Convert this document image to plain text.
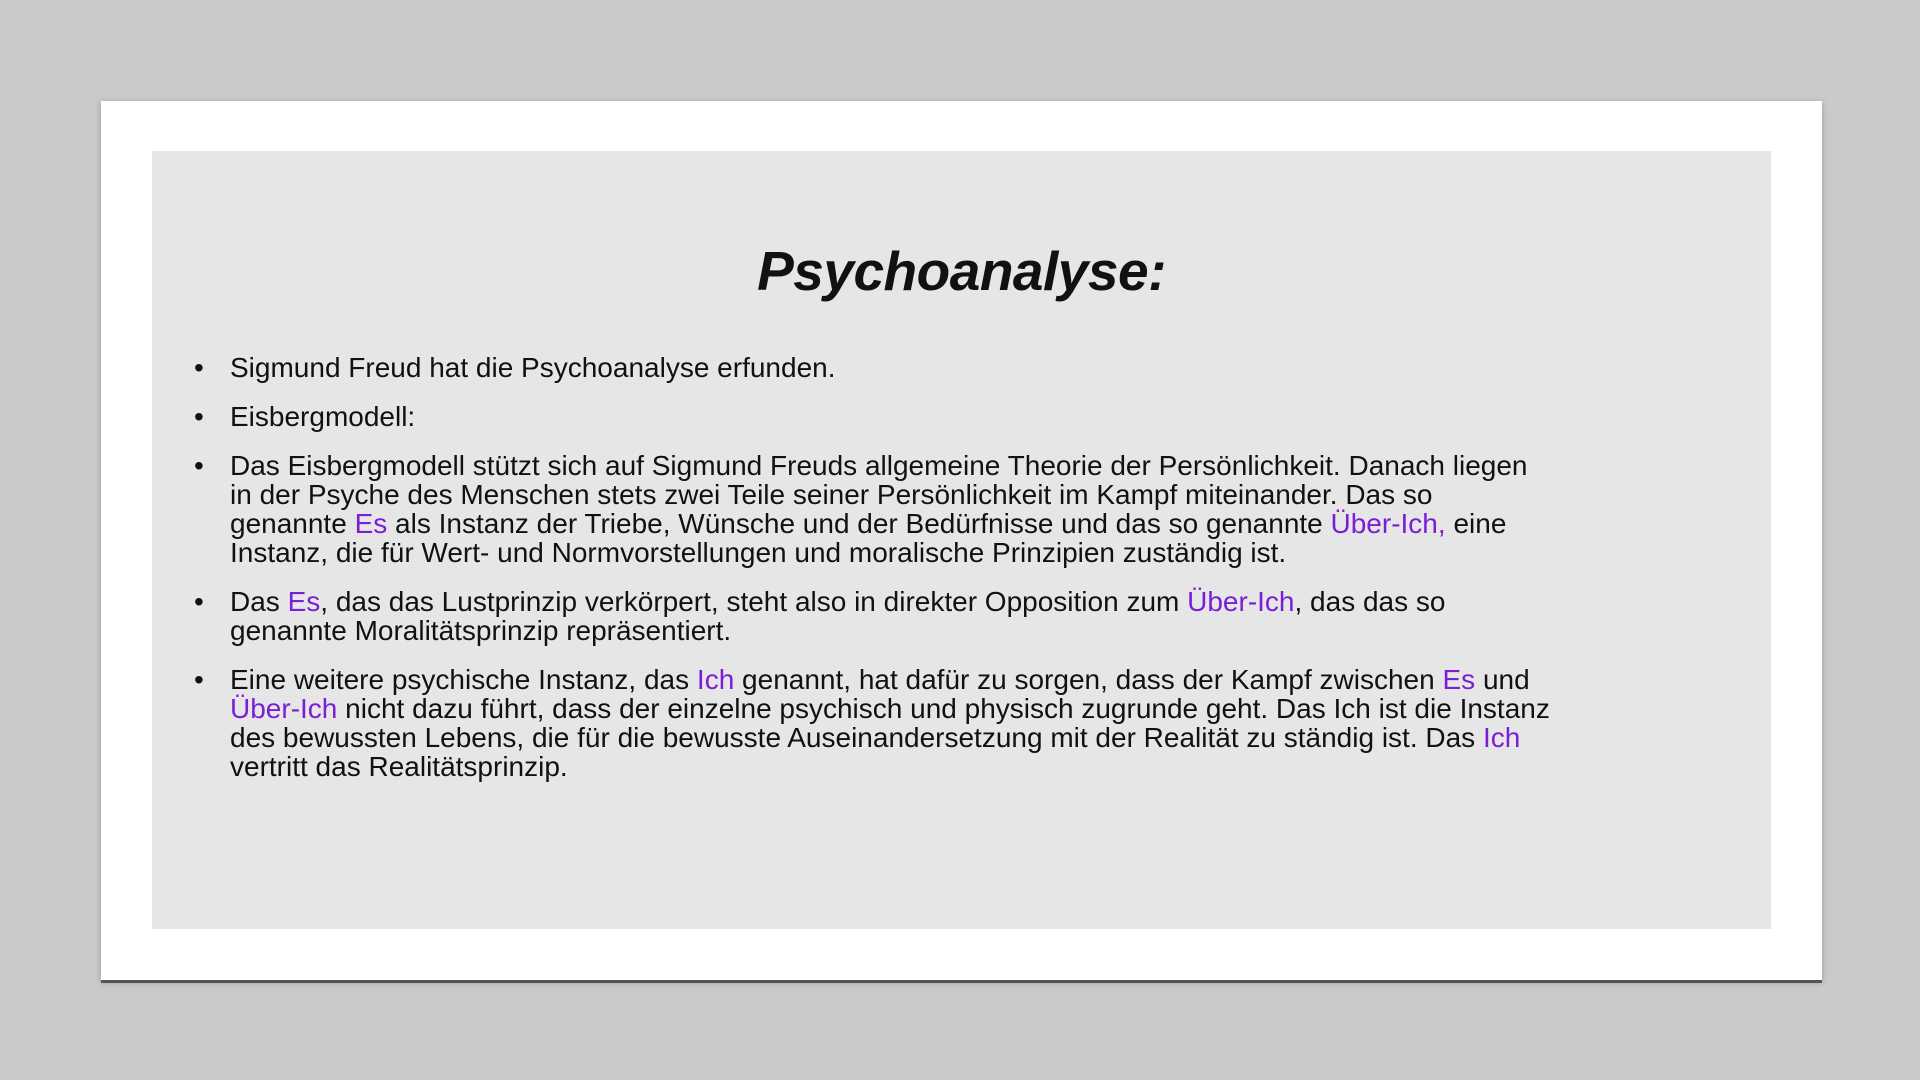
Psychoanalyse:
• Sigmund Freud hat die Psychoanalyse erfunden.
• Eisbergmodell:
• Das Eisbergmodell stützt sich auf Sigmund Freuds allgemeine Theorie der Persönlichkeit. Danach liegen in der Psyche des Menschen stets zwei Teile seiner Persönlichkeit im Kampf miteinander. Das so genannte Es als Instanz der Triebe, Wünsche und der Bedürfnisse und das so genannte Über-Ich, eine Instanz, die für Wert- und Normvorstellungen und moralische Prinzipien zuständig ist.
• Das Es, das das Lustprinzip verkörpert, steht also in direkter Opposition zum Über-Ich, das das so genannte Moralitätsprinzip repräsentiert.
• Eine weitere psychische Instanz, das Ich genannt, hat dafür zu sorgen, dass der Kampf zwischen Es und Über-Ich nicht dazu führt, dass der einzelne psychisch und physisch zugrunde geht. Das Ich ist die Instanz des bewussten Lebens, die für die bewusste Auseinandersetzung mit der Realität zu ständig ist. Das Ich vertritt das Realitätsprinzip.
